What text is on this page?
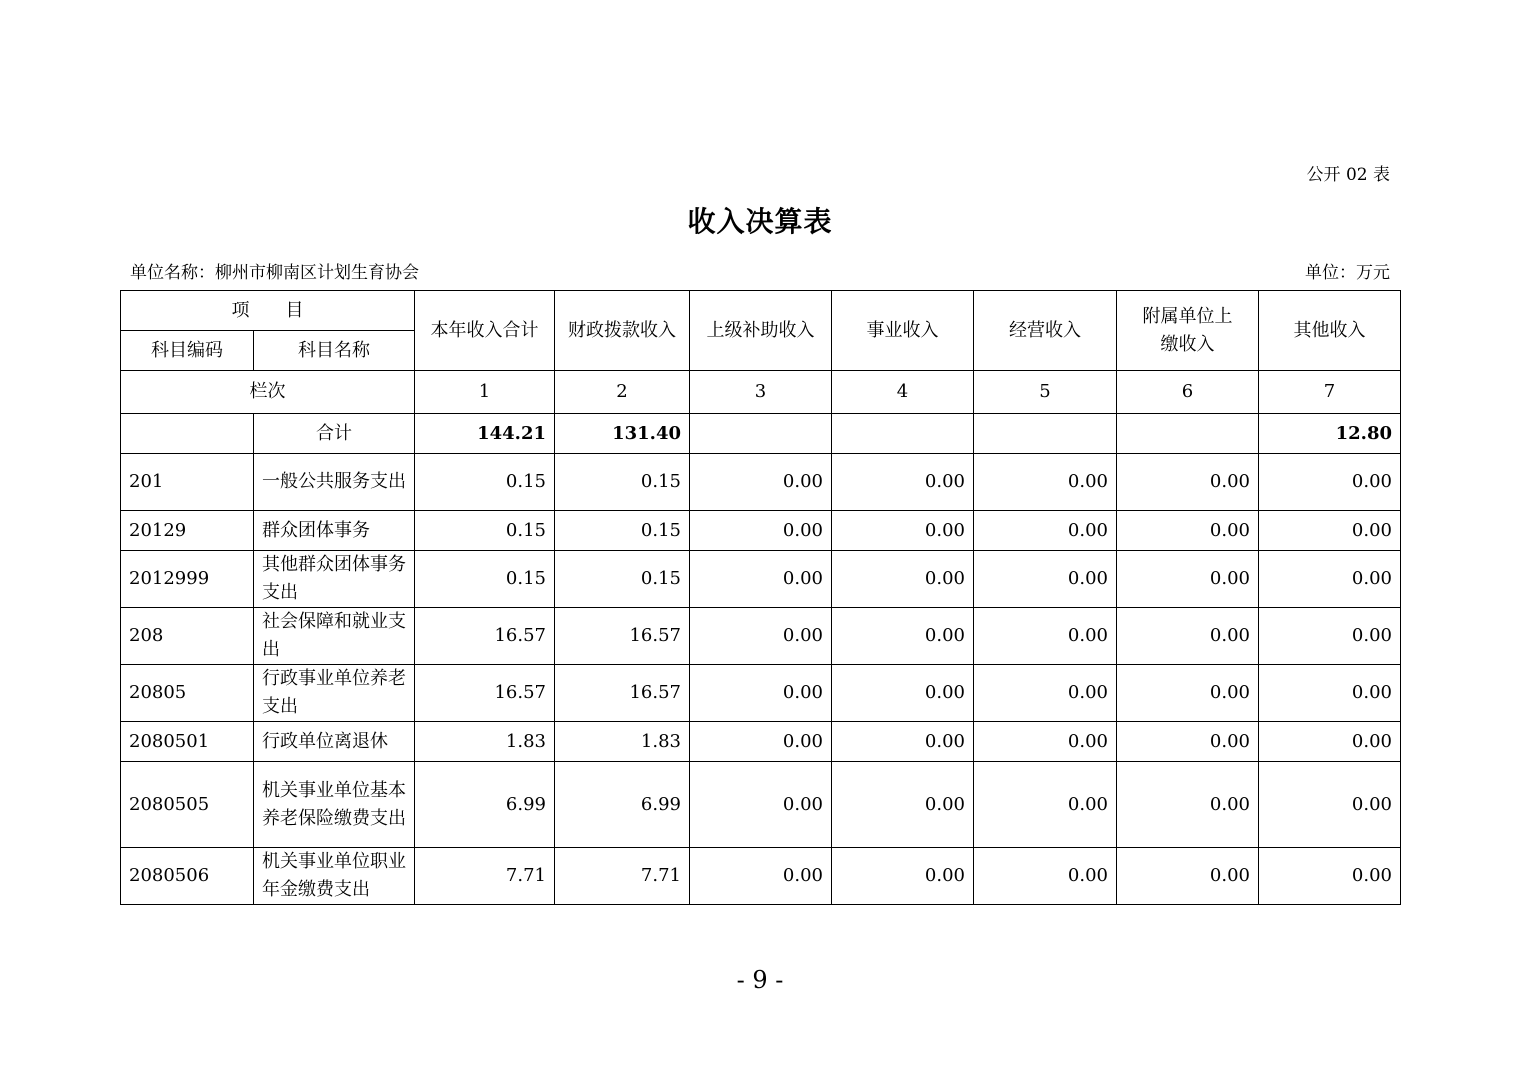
公开 02 表
收入决算表
单位名称：柳州市柳南区计划生育协会	单位：万元
项　　目		本年收入合计	财政拨款收入	上级补助收入	事业收入	经营收入	附属单位上缴收入	其他收入
科目编码	科目名称							
栏次		1	2	3	4	5	6	7
	合计	144.21	131.40					12.80
201	一般公共服务支出	0.15	0.15	0.00	0.00	0.00	0.00	0.00
20129	群众团体事务	0.15	0.15	0.00	0.00	0.00	0.00	0.00
2012999	其他群众团体事务支出	0.15	0.15	0.00	0.00	0.00	0.00	0.00
208	社会保障和就业支出	16.57	16.57	0.00	0.00	0.00	0.00	0.00
20805	行政事业单位养老支出	16.57	16.57	0.00	0.00	0.00	0.00	0.00
2080501	行政单位离退休	1.83	1.83	0.00	0.00	0.00	0.00	0.00
2080505	机关事业单位基本养老保险缴费支出	6.99	6.99	0.00	0.00	0.00	0.00	0.00
2080506	机关事业单位职业年金缴费支出	7.71	7.71	0.00	0.00	0.00	0.00	0.00
- 9 -
